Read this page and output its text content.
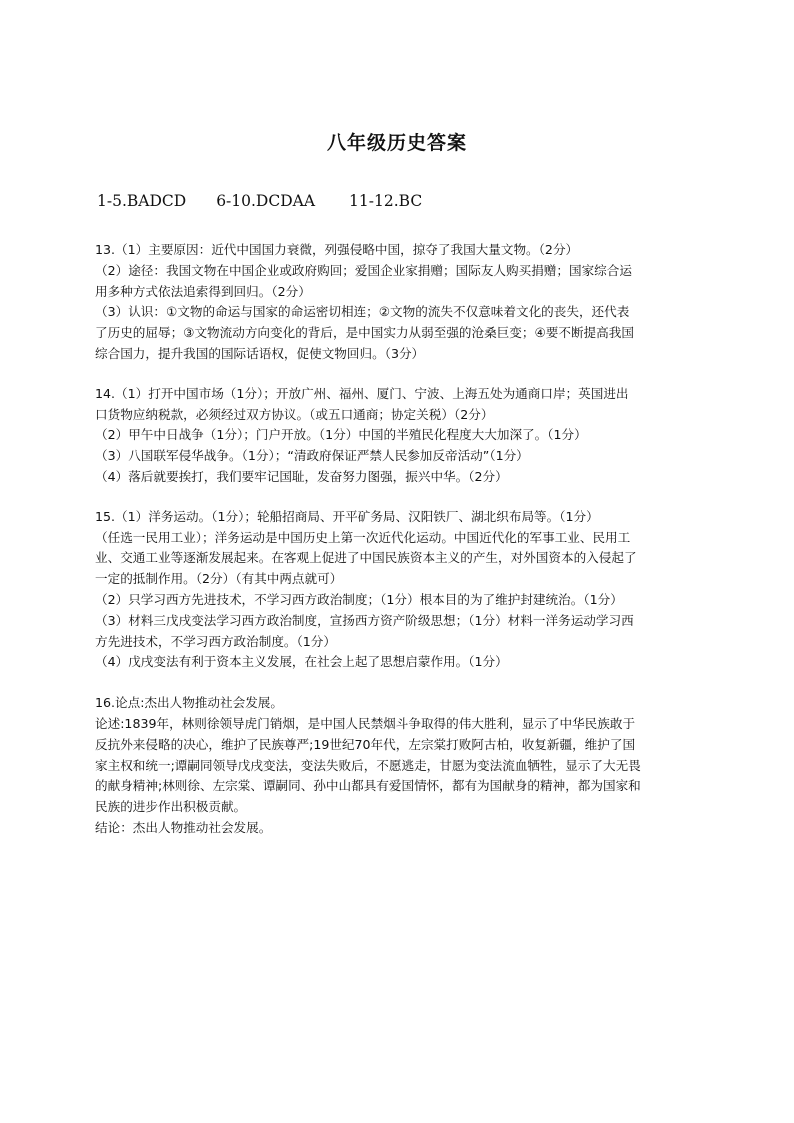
八年级历史答案
1-5.BADCD 6-10.DCDAA 11-12.BC
13.（1）主要原因：近代中国国力衰微，列强侵略中国，掠夺了我国大量文物。（2分）
（2）途径：我国文物在中国企业或政府购回；爱国企业家捐赠；国际友人购买捐赠；国家综合运
用多种方式依法追索得到回归。（2分）
（3）认识：①文物的命运与国家的命运密切相连；②文物的流失不仅意味着文化的丧失，还代表
了历史的屈辱；③文物流动方向变化的背后，是中国实力从弱至强的沧桑巨变；④要不断提高我国
综合国力，提升我国的国际话语权，促使文物回归。（3分）
14.（1）打开中国市场（1分）；开放广州、福州、厦门、宁波、上海五处为通商口岸；英国进出
口货物应纳税款，必须经过双方协议。（或五口通商；协定关税）（2分）
（2）甲午中日战争（1分）；门户开放。（1分）中国的半殖民化程度大大加深了。（1分）
（3）八国联军侵华战争。（1分）；“清政府保证严禁人民参加反帝活动”（1分）
（4）落后就要挨打，我们要牢记国耻，发奋努力图强，振兴中华。（2分）
15.（1）洋务运动。（1分）；轮船招商局、开平矿务局、汉阳铁厂、湖北织布局等。（1分）
（任选一民用工业）；洋务运动是中国历史上第一次近代化运动。中国近代化的军事工业、民用工
业、交通工业等逐渐发展起来。在客观上促进了中国民族资本主义的产生，对外国资本的入侵起了
一定的抵制作用。（2分）（有其中两点就可）
（2）只学习西方先进技术，不学习西方政治制度；（1分）根本目的为了维护封建统治。（1分）
（3）材料三戊戌变法学习西方政治制度，宣扬西方资产阶级思想；（1分）材料一洋务运动学习西
方先进技术，不学习西方政治制度。（1分）
（4）戊戌变法有利于资本主义发展，在社会上起了思想启蒙作用。（1分）
16.论点:杰出人物推动社会发展。
论述:1839年，林则徐领导虎门销烟，是中国人民禁烟斗争取得的伟大胜利，显示了中华民族敢于
反抗外来侵略的决心，维护了民族尊严;19世纪70年代，左宗棠打败阿古柏，收复新疆，维护了国
家主权和统一;谭嗣同领导戊戌变法，变法失败后，不愿逃走，甘愿为变法流血牺牲，显示了大无畏
的献身精神;林则徐、左宗棠、谭嗣同、孙中山都具有爱国情怀，都有为国献身的精神，都为国家和
民族的进步作出积极贡献。
结论：杰出人物推动社会发展。
